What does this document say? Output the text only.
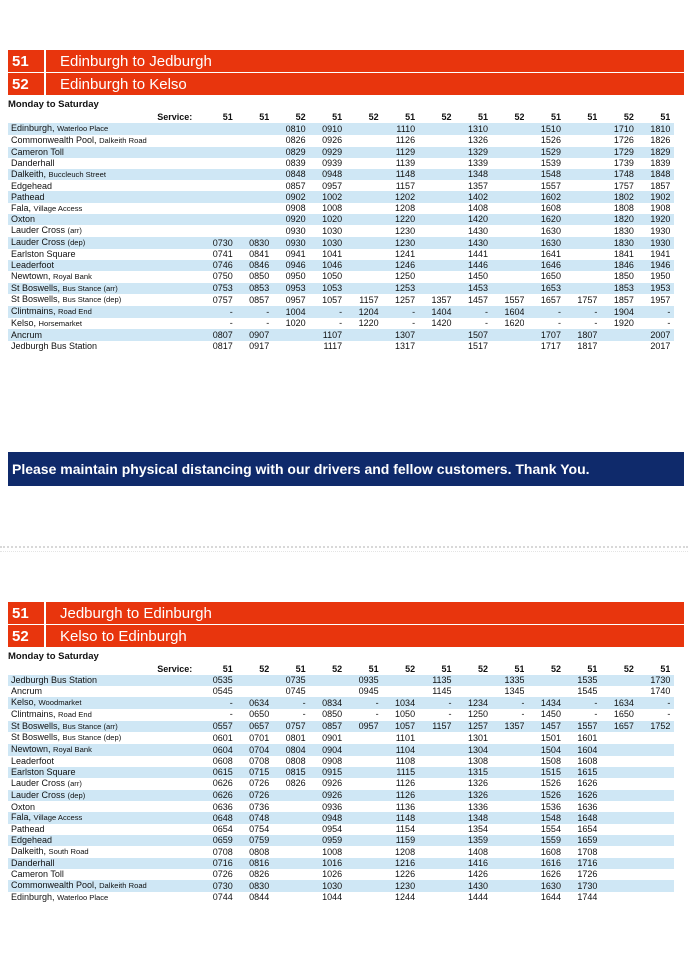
51	Edinburgh to Jedburgh
52	Edinburgh to Kelso
Monday to Saturday
Service:	51	51	52	51	52	51	52	51	52	51	51	52	51	
Edinburgh, Waterloo Place			0810	0910		1110		1310		1510		1710	1810	
Commonwealth Pool, Dalkeith Road			0826	0926		1126		1326		1526		1726	1826	
Cameron Toll			0829	0929		1129		1329		1529		1729	1829	
Danderhall			0839	0939		1139		1339		1539		1739	1839	
Dalkeith, Buccleuch Street			0848	0948		1148		1348		1548		1748	1848	
Edgehead			0857	0957		1157		1357		1557		1757	1857	
Pathead			0902	1002		1202		1402		1602		1802	1902	
Fala, Village Access			0908	1008		1208		1408		1608		1808	1908	
Oxton			0920	1020		1220		1420		1620		1820	1920	
Lauder Cross (arr)			0930	1030		1230		1430		1630		1830	1930	
Lauder Cross (dep)	0730	0830	0930	1030		1230		1430		1630		1830	1930	
Earlston Square	0741	0841	0941	1041		1241		1441		1641		1841	1941	
Leaderfoot	0746	0846	0946	1046		1246		1446		1646		1846	1946	
Newtown, Royal Bank	0750	0850	0950	1050		1250		1450		1650		1850	1950	
St Boswells, Bus Stance (arr)	0753	0853	0953	1053		1253		1453		1653		1853	1953	
St Boswells, Bus Stance (dep)	0757	0857	0957	1057	1157	1257	1357	1457	1557	1657	1757	1857	1957	
Clintmains, Road End	-	-	1004	-	1204	-	1404	-	1604	-	-	1904	-	
Kelso, Horsemarket	-	-	1020	-	1220	-	1420	-	1620	-	-	1920	-	
Ancrum	0807	0907		1107		1307		1507		1707	1807		2007	
Jedburgh Bus Station	0817	0917		1117		1317		1517		1717	1817		2017	
Please maintain physical distancing with our drivers and fellow customers. Thank You.
51	Jedburgh to Edinburgh
52	Kelso to Edinburgh
Monday to Saturday
Service:	51	52	51	52	51	52	51	52	51	52	51	52	51	
Jedburgh Bus Station	0535		0735		0935		1135		1335		1535		1730	
Ancrum	0545		0745		0945		1145		1345		1545		1740	
Kelso, Woodmarket	-	0634	-	0834	-	1034	-	1234	-	1434	-	1634	-	
Clintmains, Road End	-	0650	-	0850	-	1050	-	1250	-	1450	-	1650	-	
St Boswells, Bus Stance (arr)	0557	0657	0757	0857	0957	1057	1157	1257	1357	1457	1557	1657	1752	
St Boswells, Bus Stance (dep)	0601	0701	0801	0901		1101		1301		1501	1601			
Newtown, Royal Bank	0604	0704	0804	0904		1104		1304		1504	1604			
Leaderfoot	0608	0708	0808	0908		1108		1308		1508	1608			
Earlston Square	0615	0715	0815	0915		1115		1315		1515	1615			
Lauder Cross (arr)	0626	0726	0826	0926		1126		1326		1526	1626			
Lauder Cross (dep)	0626	0726		0926		1126		1326		1526	1626			
Oxton	0636	0736		0936		1136		1336		1536	1636			
Fala, Village Access	0648	0748		0948		1148		1348		1548	1648			
Pathead	0654	0754		0954		1154		1354		1554	1654			
Edgehead	0659	0759		0959		1159		1359		1559	1659			
Dalkeith, South Road	0708	0808		1008		1208		1408		1608	1708			
Danderhall	0716	0816		1016		1216		1416		1616	1716			
Cameron Toll	0726	0826		1026		1226		1426		1626	1726			
Commonwealth Pool, Dalkeith Road	0730	0830		1030		1230		1430		1630	1730			
Edinburgh, Waterloo Place	0744	0844		1044		1244		1444		1644	1744			
